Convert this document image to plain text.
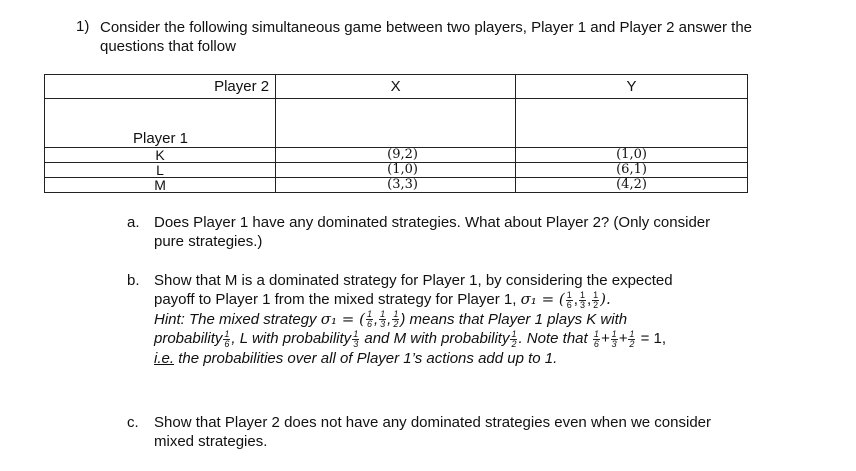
1) Consider the following simultaneous game between two players, Player 1 and Player 2 answer the questions that follow
Player 2	X	Y

Player 1		

K	(9,2)	(1,0)
L	(1,0)	(6,1)
M	(3,3)	(4,2)
a. Does Player 1 have any dominated strategies. What about Player 2? (Only consider pure strategies.)
b. Show that M is a dominated strategy for Player 1, by considering the expected
payoff to Player 1 from the mixed strategy for Player 1, σ₁ = ( $\frac{1}{6}$ , $\frac{1}{3}$ , $\frac{1}{2}$ ).
Hint: The mixed strategy σ₁ = ( $\frac{1}{6}$ , $\frac{1}{3}$ , $\frac{1}{2}$ ) means that Player 1 plays K with
probability $\frac{1}{6}$ , L with probability $\frac{1}{3}$ and M with probability $\frac{1}{2}$ . Note that $\frac{1}{6} + \frac{1}{3} + \frac{1}{2} = 1$,
i.e. the probabilities over all of Player 1’s actions add up to 1.
c. Show that Player 2 does not have any dominated strategies even when we consider mixed strategies.
